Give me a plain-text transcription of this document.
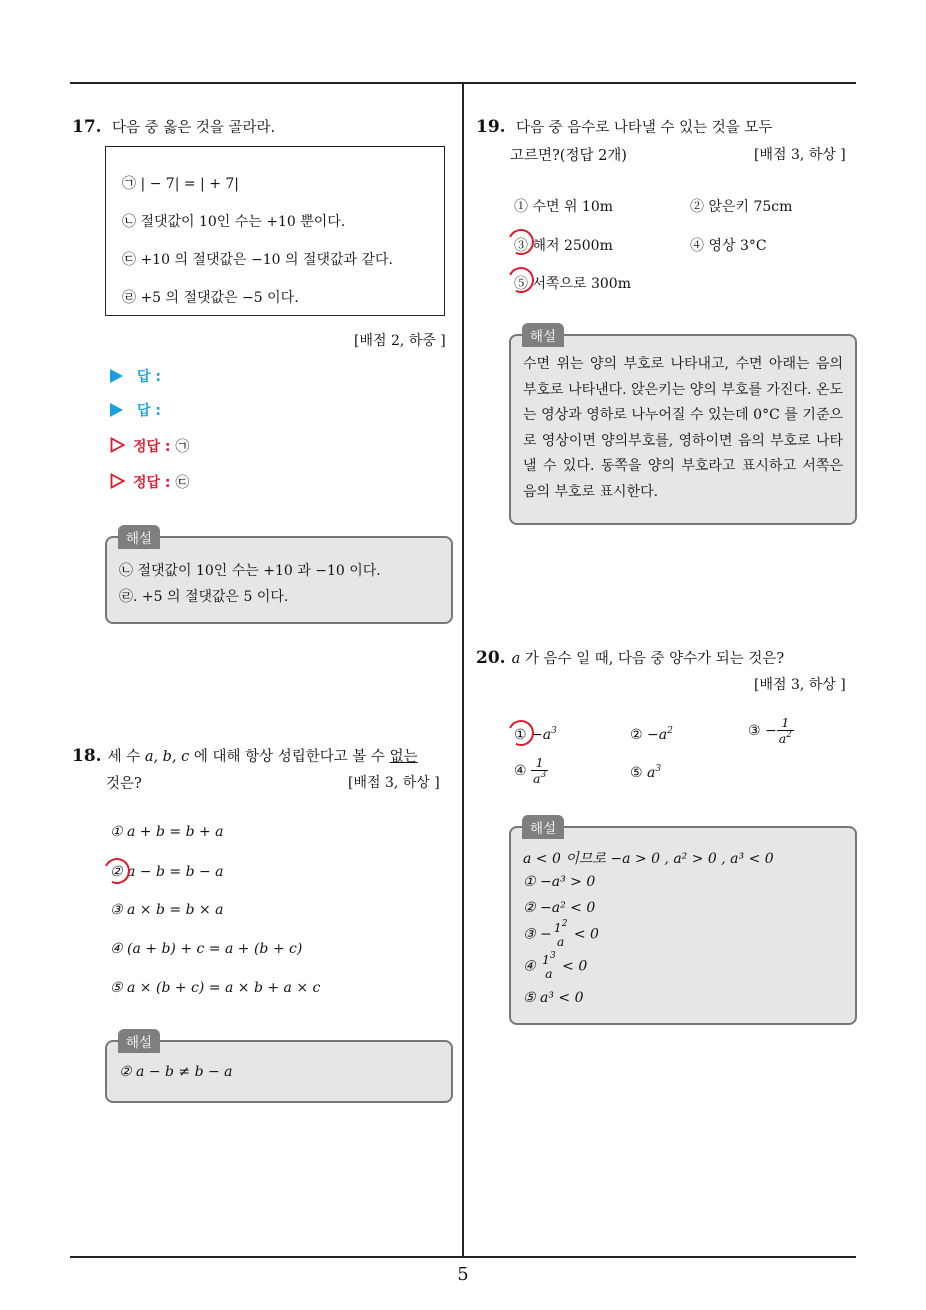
5
17. 다음 중 옳은 것을 골라라.
㉠ | − 7| = | + 7|
㉡ 절댓값이 10인 수는 +10 뿐이다.
㉢ +10 의 절댓값은 −10 의 절댓값과 같다.
㉣ +5 의 절댓값은 −5 이다.
[배점 2, 하중 ]
답 :
답 :
정답 : ㉠
정답 : ㉢
㉡ 절댓값이 10인 수는 +10 과 −10 이다.
㉣. +5 의 절댓값은 5 이다.
해설
18. 세 수 a, b, c 에 대해 항상 성립한다고 볼 수 없는
것은?	[배점 3, 하상 ]
① a + b = b + a
② a − b = b − a
③ a × b = b × a
④ (a + b) + c = a + (b + c)
⑤ a × (b + c) = a × b + a × c
② a − b ≠ b − a
해설
19. 다음 중 음수로 나타낼 수 있는 것을 모두
고르면?(정답 2개)	[배점 3, 하상 ]
① 수면 위 10m	② 앉은키 75cm
③ 해저 2500m	④ 영상 3°C
⑤ 서쪽으로 300m
수면 위는 양의 부호로 나타내고, 수면 아래는 음의 부호로 나타낸다. 앉은키는 양의 부호를 가진다. 온도는 영상과 영하로 나누어질 수 있는데 0°C 를 기준으로 영상이면 양의부호를, 영하이면 음의 부호로 나타낼 수 있다. 동쪽을 양의 부호라고 표시하고 서쪽은 음의 부호로 표시한다.
해설
20. a 가 음수 일 때, 다음 중 양수가 되는 것은?
[배점 3, 하상 ]
① $-a^3$	② $-a^2$	③ − $\frac{1}{a^2}$
④ $\frac{1}{a^3}$	⑤ $a^3$
a < 0 이므로 −a > 0 , a² > 0 , a³ < 0
① −a³ > 0
② −a² < 0
③ − $1^2$
a < 0
④ $1^3$
a < 0
⑤ a³ < 0
해설
